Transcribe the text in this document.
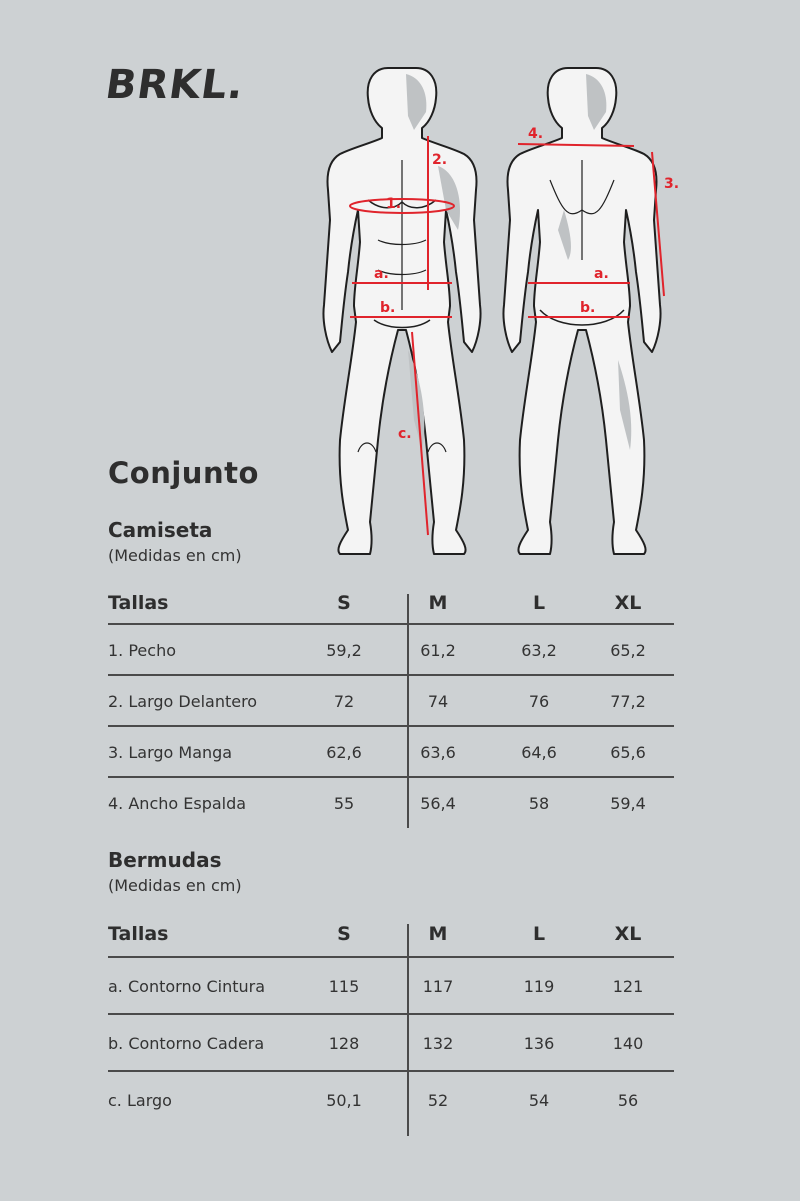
BRKL.
1.
2.
a.
b.
c.
4.
3.
a.
b.
Conjunto
Camiseta
(Medidas en cm)
Tallas	S	M	L	XL
1. Pecho	59,2	61,2	63,2	65,2
2. Largo Delantero	72	74	76	77,2
3. Largo Manga	62,6	63,6	64,6	65,6
4. Ancho Espalda	55	56,4	58	59,4
Bermudas
(Medidas en cm)
Tallas	S	M	L	XL
a. Contorno Cintura	115	117	119	121
b. Contorno Cadera	128	132	136	140
c. Largo	50,1	52	54	56
